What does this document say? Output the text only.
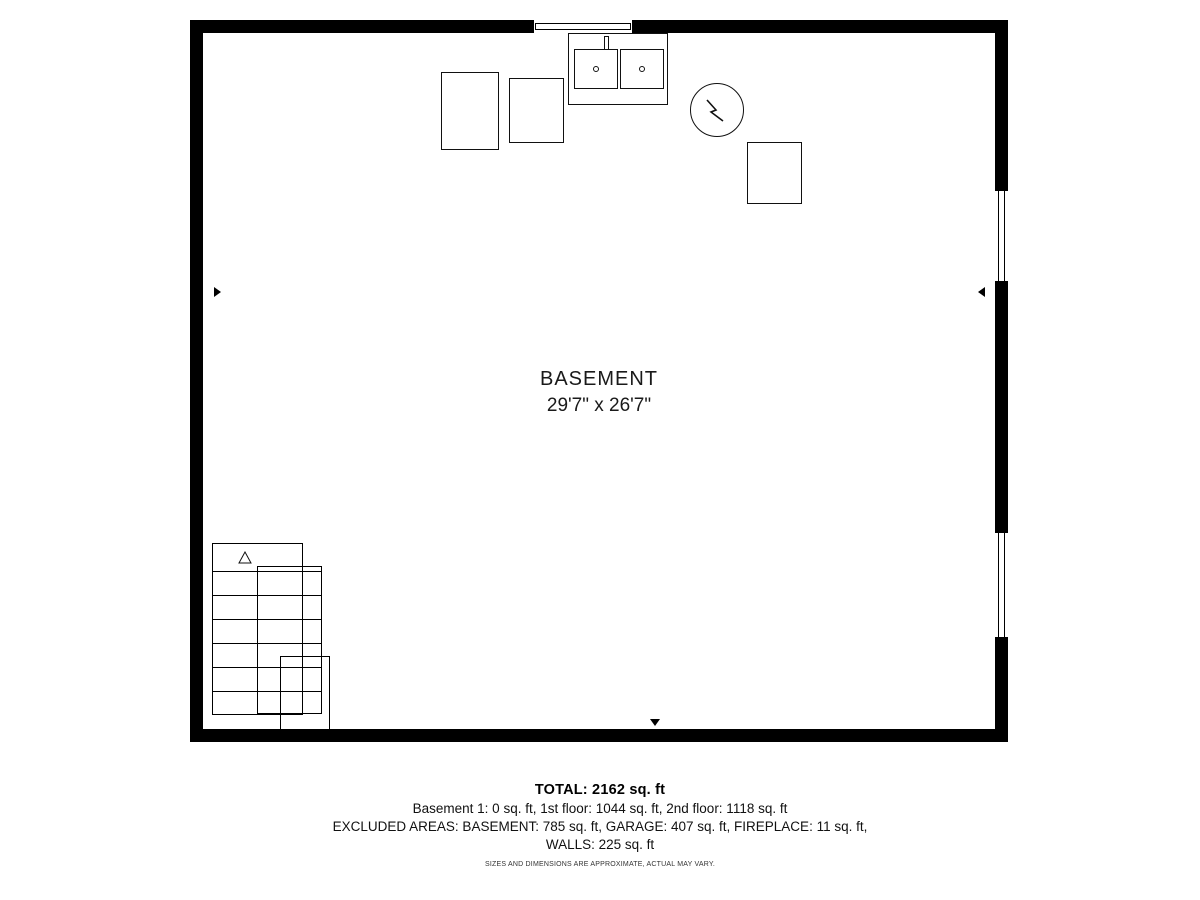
BASEMENT
29'7" x 26'7"
TOTAL: 2162 sq. ft
Basement 1: 0 sq. ft, 1st floor: 1044 sq. ft, 2nd floor: 1118 sq. ft
EXCLUDED AREAS: BASEMENT: 785 sq. ft, GARAGE: 407 sq. ft, FIREPLACE: 11 sq. ft,
WALLS: 225 sq. ft
SIZES AND DIMENSIONS ARE APPROXIMATE, ACTUAL MAY VARY.
